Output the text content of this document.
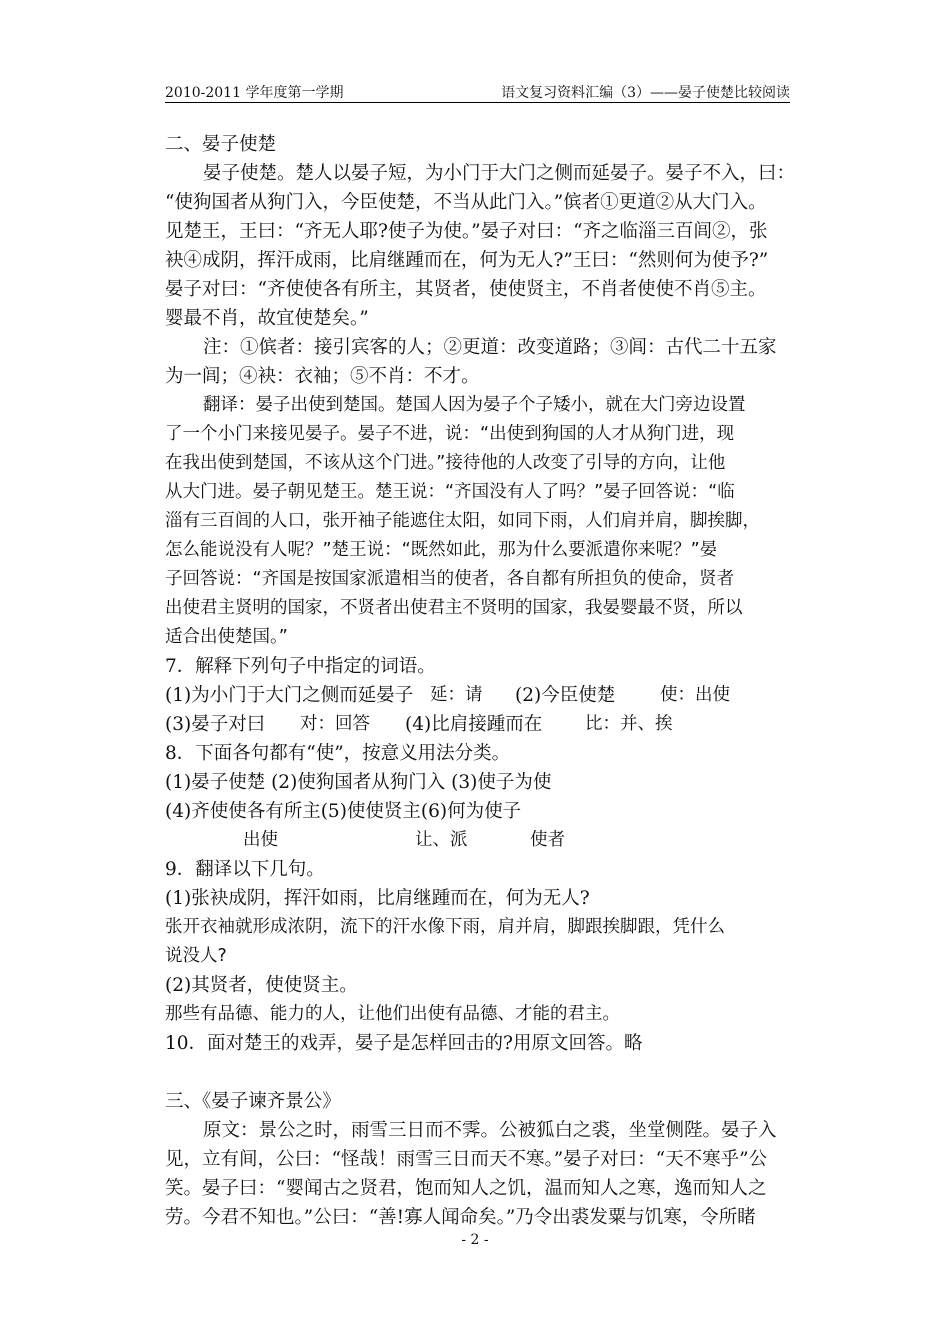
2010-2011 学年度第一学期	语文复习资料汇编（3）——晏子使楚比较阅读
二、晏子使楚
晏子使楚。楚人以晏子短，为小门于大门之侧而延晏子。晏子不入，曰：
“使狗国者从狗门入，今臣使楚，不当从此门入。”傧者①更道②从大门入。
见楚王，王曰：“齐无人耶?使子为使。”晏子对曰：“齐之临淄三百闾②，张
袂④成阴，挥汗成雨，比肩继踵而在，何为无人?”王曰：“然则何为使予?”
晏子对曰：“齐使使各有所主，其贤者，使使贤主，不肖者使使不肖⑤主。
婴最不肖，故宜使楚矣。”
注：①傧者：接引宾客的人；②更道：改变道路；③闾：古代二十五家
为一闾；④袂：衣袖；⑤不肖：不才。
翻译：晏子出使到楚国。楚国人因为晏子个子矮小，就在大门旁边设置
了一个小门来接见晏子。晏子不进，说：“出使到狗国的人才从狗门进，现
在我出使到楚国，不该从这个门进。”接待他的人改变了引导的方向，让他
从大门进。晏子朝见楚王。楚王说：“齐国没有人了吗？”晏子回答说：“临
淄有三百闾的人口，张开袖子能遮住太阳，如同下雨，人们肩并肩，脚挨脚，
怎么能说没有人呢？”楚王说：“既然如此，那为什么要派遣你来呢？”晏
子回答说：“齐国是按国家派遣相当的使者，各自都有所担负的使命，贤者
出使君主贤明的国家，不贤者出使君主不贤明的国家，我晏婴最不贤，所以
适合出使楚国。”
7．解释下列句子中指定的词语。
(1)为小门于大门之侧而延晏子 延：请 (2)今臣使楚	使：出使
(3)晏子对曰 对：回答 (4)比肩接踵而在 比：并、挨
8．下面各句都有“使”，按意义用法分类。
(1)晏子使楚 (2)使狗国者从狗门入 (3)使子为使
(4)齐使使各有所主(5)使使贤主(6)何为使子
出使	让、派	使者
9．翻译以下几句。
(1)张袂成阴，挥汗如雨，比肩继踵而在，何为无人?
张开衣袖就形成浓阴，流下的汗水像下雨，肩并肩，脚跟挨脚跟，凭什么
说没人?
(2)其贤者，使使贤主。
那些有品德、能力的人，让他们出使有品德、才能的君主。
10．面对楚王的戏弄，晏子是怎样回击的?用原文回答。略
三、《晏子谏齐景公》
原文：景公之时，雨雪三日而不霁。公被狐白之裘，坐堂侧陛。晏子入
见，立有间，公曰：“怪哉！雨雪三日而天不寒。”晏子对曰：“天不寒乎”公
笑。晏子曰：“婴闻古之贤君，饱而知人之饥，温而知人之寒，逸而知人之
劳。今君不知也。”公曰：“善!寡人闻命矣。”乃令出裘发粟与饥寒，令所睹
- 2 -
